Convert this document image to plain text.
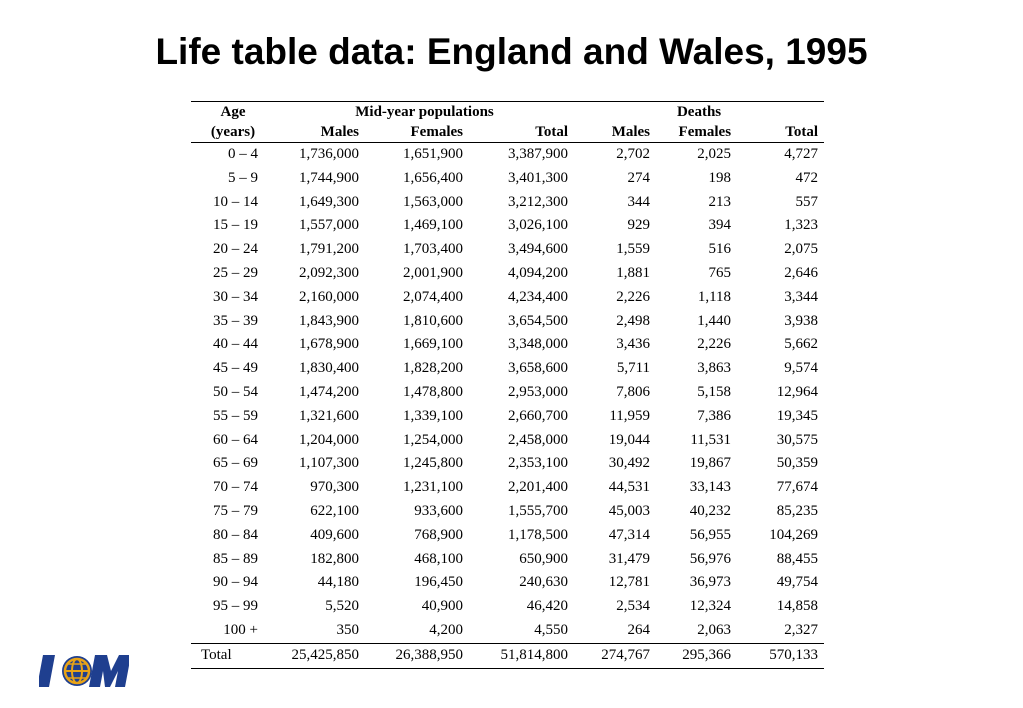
Life table data: England and Wales, 1995
Age	Mid-year populations			Deaths		
(years)	Males	Females	Total	Males	Females	Total
0 – 4	1,736,000	1,651,900	3,387,900	2,702	2,025	4,727
5 – 9	1,744,900	1,656,400	3,401,300	274	198	472
10 – 14	1,649,300	1,563,000	3,212,300	344	213	557
15 – 19	1,557,000	1,469,100	3,026,100	929	394	1,323
20 – 24	1,791,200	1,703,400	3,494,600	1,559	516	2,075
25 – 29	2,092,300	2,001,900	4,094,200	1,881	765	2,646
30 – 34	2,160,000	2,074,400	4,234,400	2,226	1,118	3,344
35 – 39	1,843,900	1,810,600	3,654,500	2,498	1,440	3,938
40 – 44	1,678,900	1,669,100	3,348,000	3,436	2,226	5,662
45 – 49	1,830,400	1,828,200	3,658,600	5,711	3,863	9,574
50 – 54	1,474,200	1,478,800	2,953,000	7,806	5,158	12,964
55 – 59	1,321,600	1,339,100	2,660,700	11,959	7,386	19,345
60 – 64	1,204,000	1,254,000	2,458,000	19,044	11,531	30,575
65 – 69	1,107,300	1,245,800	2,353,100	30,492	19,867	50,359
70 – 74	970,300	1,231,100	2,201,400	44,531	33,143	77,674
75 – 79	622,100	933,600	1,555,700	45,003	40,232	85,235
80 – 84	409,600	768,900	1,178,500	47,314	56,955	104,269
85 – 89	182,800	468,100	650,900	31,479	56,976	88,455
90 – 94	44,180	196,450	240,630	12,781	36,973	49,754
95 – 99	5,520	40,900	46,420	2,534	12,324	14,858
100 +	350	4,200	4,550	264	2,063	2,327
Total	25,425,850	26,388,950	51,814,800	274,767	295,366	570,133
